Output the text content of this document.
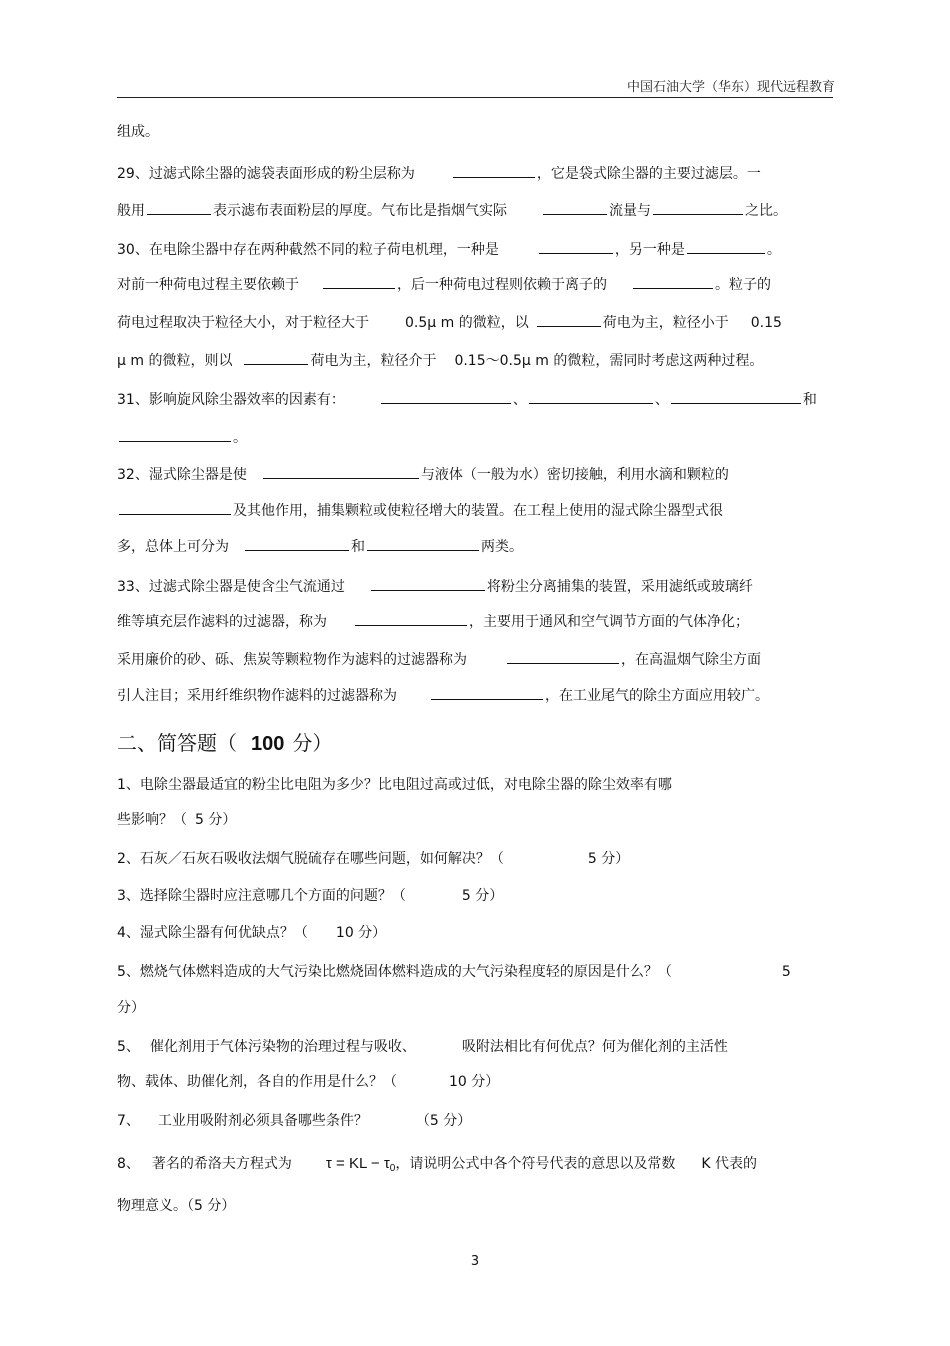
中国石油大学（华东）现代远程教育
组成。
29、过滤式除尘器的滤袋表面形成的粉尘层称为	，它是袋式除尘器的主要过滤层。一
般用	表示滤布表面粉层的厚度。气布比是指烟气实际	流量与	之比。
30、在电除尘器中存在两种截然不同的粒子荷电机理，一种是	，另一种是	。
对前一种荷电过程主要依赖于	，后一种荷电过程则依赖于离子的	。粒子的
荷电过程取决于粒径大小，对于粒径大于	0.5μ m 的微粒，以	荷电为主，粒径小于 0.15
μ m 的微粒，则以	荷电为主，粒径介于 0.15～0.5μ m 的微粒，需同时考虑这两种过程。
31、影响旋风除尘器效率的因素有：	、	、	和
。
32、湿式除尘器是使	与液体（一般为水）密切接触，利用水滴和颗粒的
及其他作用，捕集颗粒或使粒径增大的装置。在工程上使用的湿式除尘器型式很
多，总体上可分为	和	两类。
33、过滤式除尘器是使含尘气流通过	将粉尘分离捕集的装置，采用滤纸或玻璃纤
维等填充层作滤料的过滤器，称为	，主要用于通风和空气调节方面的气体净化；
采用廉价的砂、砾、焦炭等颗粒物作为滤料的过滤器称为	，在高温烟气除尘方面
引人注目；采用纤维织物作滤料的过滤器称为	，在工业尾气的除尘方面应用较广。
二、简答题（ 100 分）
1、电除尘器最适宜的粉尘比电阻为多少？比电阻过高或过低，对电除尘器的除尘效率有哪
些影响？（ 5 分）
2、石灰／石灰石吸收法烟气脱硫存在哪些问题，如何解决？（	5 分）
3、选择除尘器时应注意哪几个方面的问题？（	5 分）
4、湿式除尘器有何优缺点？（ 10 分）
5、燃烧气体燃料造成的大气污染比燃烧固体燃料造成的大气污染程度轻的原因是什么？（	5
分）
5、 催化剂用于气体污染物的治理过程与吸收、	吸附法相比有何优点？何为催化剂的主活性
物、载体、助催化剂，各自的作用是什么？（	10 分）
7、 工业用吸附剂必须具备哪些条件？	（5 分）
8、 著名的希洛夫方程式为 τ = KL − $\tau_0$，请说明公式中各个符号代表的意思以及常数 K 代表的
物理意义。（5 分）
3
